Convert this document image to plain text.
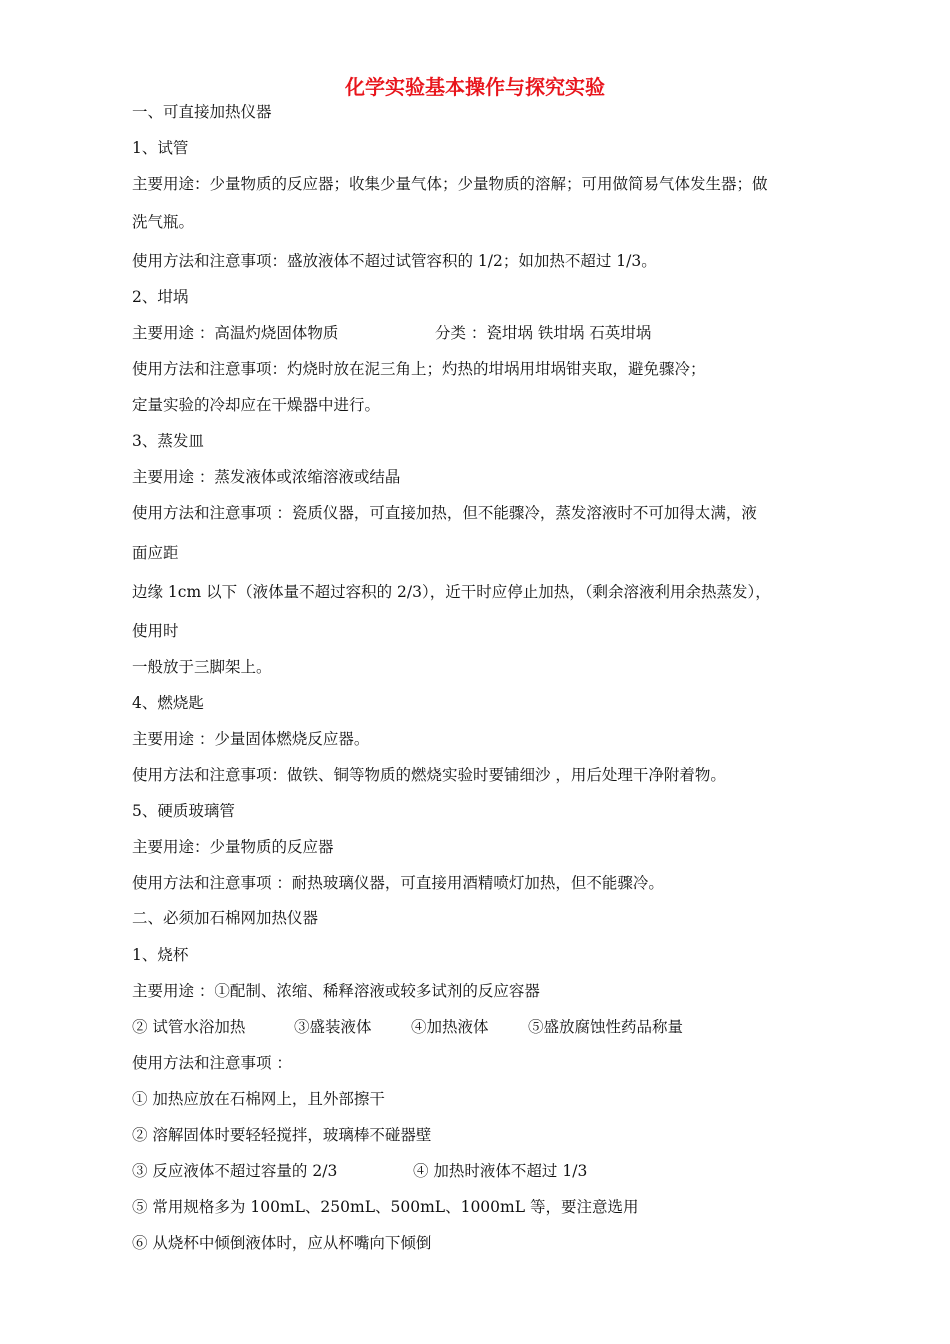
化学实验基本操作与探究实验
一、可直接加热仪器
1、试管
主要用途：少量物质的反应器；收集少量气体；少量物质的溶解；可用做简易气体发生器；做
洗气瓶。
使用方法和注意事项：盛放液体不超过试管容积的 1/2；如加热不超过 1/3。
2、坩埚
主要用途 ：高温灼烧固体物质	分类 ：瓷坩埚 铁坩埚 石英坩埚
使用方法和注意事项：灼烧时放在泥三角上；灼热的坩埚用坩埚钳夹取，避免骤冷；
定量实验的冷却应在干燥器中进行。
3、蒸发皿
主要用途 ：蒸发液体或浓缩溶液或结晶
使用方法和注意事项 ：瓷质仪器，可直接加热，但不能骤冷，蒸发溶液时不可加得太满，液
面应距
边缘 1cm 以下（液体量不超过容积的 2/3），近干时应停止加热，（剩余溶液利用余热蒸发），
使用时
一般放于三脚架上。
4、燃烧匙
主要用途 ：少量固体燃烧反应器。
使用方法和注意事项：做铁、铜等物质的燃烧实验时要铺细沙 ，用后处理干净附着物。
5、硬质玻璃管
主要用途：少量物质的反应器
使用方法和注意事项 ：耐热玻璃仪器，可直接用酒精喷灯加热，但不能骤冷。
二、必须加石棉网加热仪器
1、烧杯
主要用途 ：①配制、浓缩、稀释溶液或较多试剂的反应容器
② 试管水浴加热	③盛装液体	④加热液体	⑤盛放腐蚀性药品称量
使用方法和注意事项 ：
① 加热应放在石棉网上，且外部擦干
② 溶解固体时要轻轻搅拌，玻璃棒不碰器壁
③ 反应液体不超过容量的 2/3	④ 加热时液体不超过 1/3
⑤ 常用规格多为 100mL、250mL、500mL、1000mL 等，要注意选用
⑥ 从烧杯中倾倒液体时，应从杯嘴向下倾倒
